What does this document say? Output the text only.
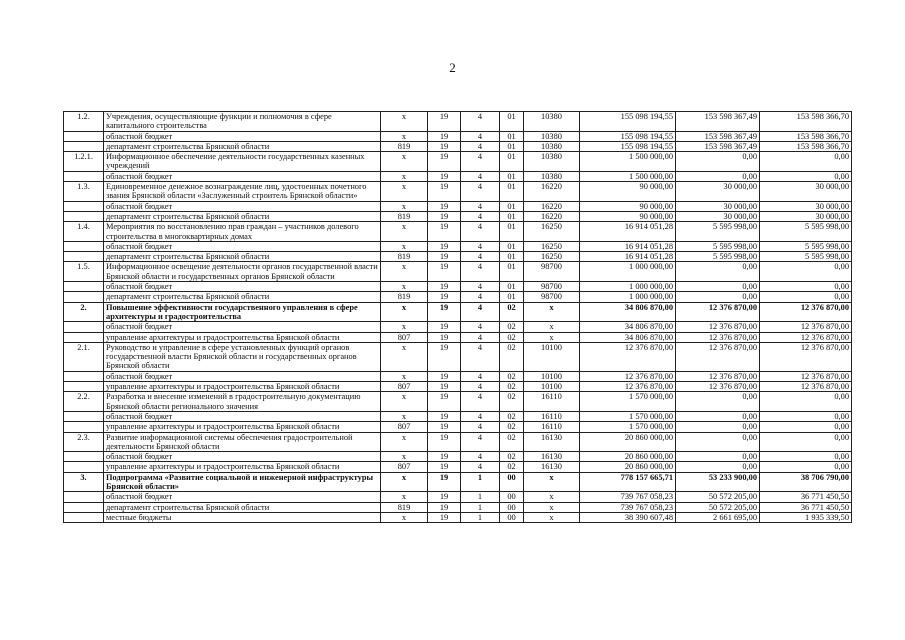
2
1.2.	Учреждения, осуществляющие функции и полномочия в сфере капитального строительства	x	19	4	01	10380	155 098 194,55	153 598 367,49	153 598 366,70
	областной бюджет	x	19	4	01	10380	155 098 194,55	153 598 367,49	153 598 366,70
	департамент строительства Брянской области	819	19	4	01	10380	155 098 194,55	153 598 367,49	153 598 366,70
1.2.1.	Информационное обеспечение деятельности государственных казенных учреждений	x	19	4	01	10380	1 500 000,00	0,00	0,00
	областной бюджет	x	19	4	01	10380	1 500 000,00	0,00	0,00
1.3.	Единовременное денежное вознаграждение лиц, удостоенных почетного звания Брянской области «Заслуженный строитель Брянской области»	x	19	4	01	16220	90 000,00	30 000,00	30 000,00
	областной бюджет	x	19	4	01	16220	90 000,00	30 000,00	30 000,00
	департамент строительства Брянской области	819	19	4	01	16220	90 000,00	30 000,00	30 000,00
1.4.	Мероприятия по восстановлению прав граждан – участников долевого строительства в многоквартирных домах	x	19	4	01	16250	16 914 051,28	5 595 998,00	5 595 998,00
	областной бюджет	x	19	4	01	16250	16 914 051,28	5 595 998,00	5 595 998,00
	департамент строительства Брянской области	819	19	4	01	16250	16 914 051,28	5 595 998,00	5 595 998,00
1.5.	Информационное освещение деятельности органов государственной власти Брянской области и государственных органов Брянской области	x	19	4	01	98700	1 000 000,00	0,00	0,00
	областной бюджет	x	19	4	01	98700	1 000 000,00	0,00	0,00
	департамент строительства Брянской области	819	19	4	01	98700	1 000 000,00	0,00	0,00
2.	Повышение эффективности государственного управления в сфере архитектуры и градостроительства	x	19	4	02	x	34 806 870,00	12 376 870,00	12 376 870,00
	областной бюджет	x	19	4	02	x	34 806 870,00	12 376 870,00	12 376 870,00
	управление архитектуры и градостроительства Брянской области	807	19	4	02	x	34 806 870,00	12 376 870,00	12 376 870,00
2.1.	Руководство и управление в сфере установленных функций органов государственной власти Брянской области и государственных органов Брянской области	x	19	4	02	10100	12 376 870,00	12 376 870,00	12 376 870,00
	областной бюджет	x	19	4	02	10100	12 376 870,00	12 376 870,00	12 376 870,00
	управление архитектуры и градостроительства Брянской области	807	19	4	02	10100	12 376 870,00	12 376 870,00	12 376 870,00
2.2.	Разработка и внесение изменений в градостроительную документацию Брянской области регионального значения	x	19	4	02	16110	1 570 000,00	0,00	0,00
	областной бюджет	x	19	4	02	16110	1 570 000,00	0,00	0,00
	управление архитектуры и градостроительства Брянской области	807	19	4	02	16110	1 570 000,00	0,00	0,00
2.3.	Развитие информационной системы обеспечения градостроительной деятельности Брянской области	x	19	4	02	16130	20 860 000,00	0,00	0,00
	областной бюджет	x	19	4	02	16130	20 860 000,00	0,00	0,00
	управление архитектуры и градостроительства Брянской области	807	19	4	02	16130	20 860 000,00	0,00	0,00
3.	Подпрограмма «Развитие социальной и инженерной инфраструктуры Брянской области»	x	19	1	00	x	778 157 665,71	53 233 900,00	38 706 790,00
	областной бюджет	x	19	1	00	x	739 767 058,23	50 572 205,00	36 771 450,50
	департамент строительства Брянской области	819	19	1	00	x	739 767 058,23	50 572 205,00	36 771 450,50
	местные бюджеты	x	19	1	00	x	38 390 607,48	2 661 695,00	1 935 339,50
